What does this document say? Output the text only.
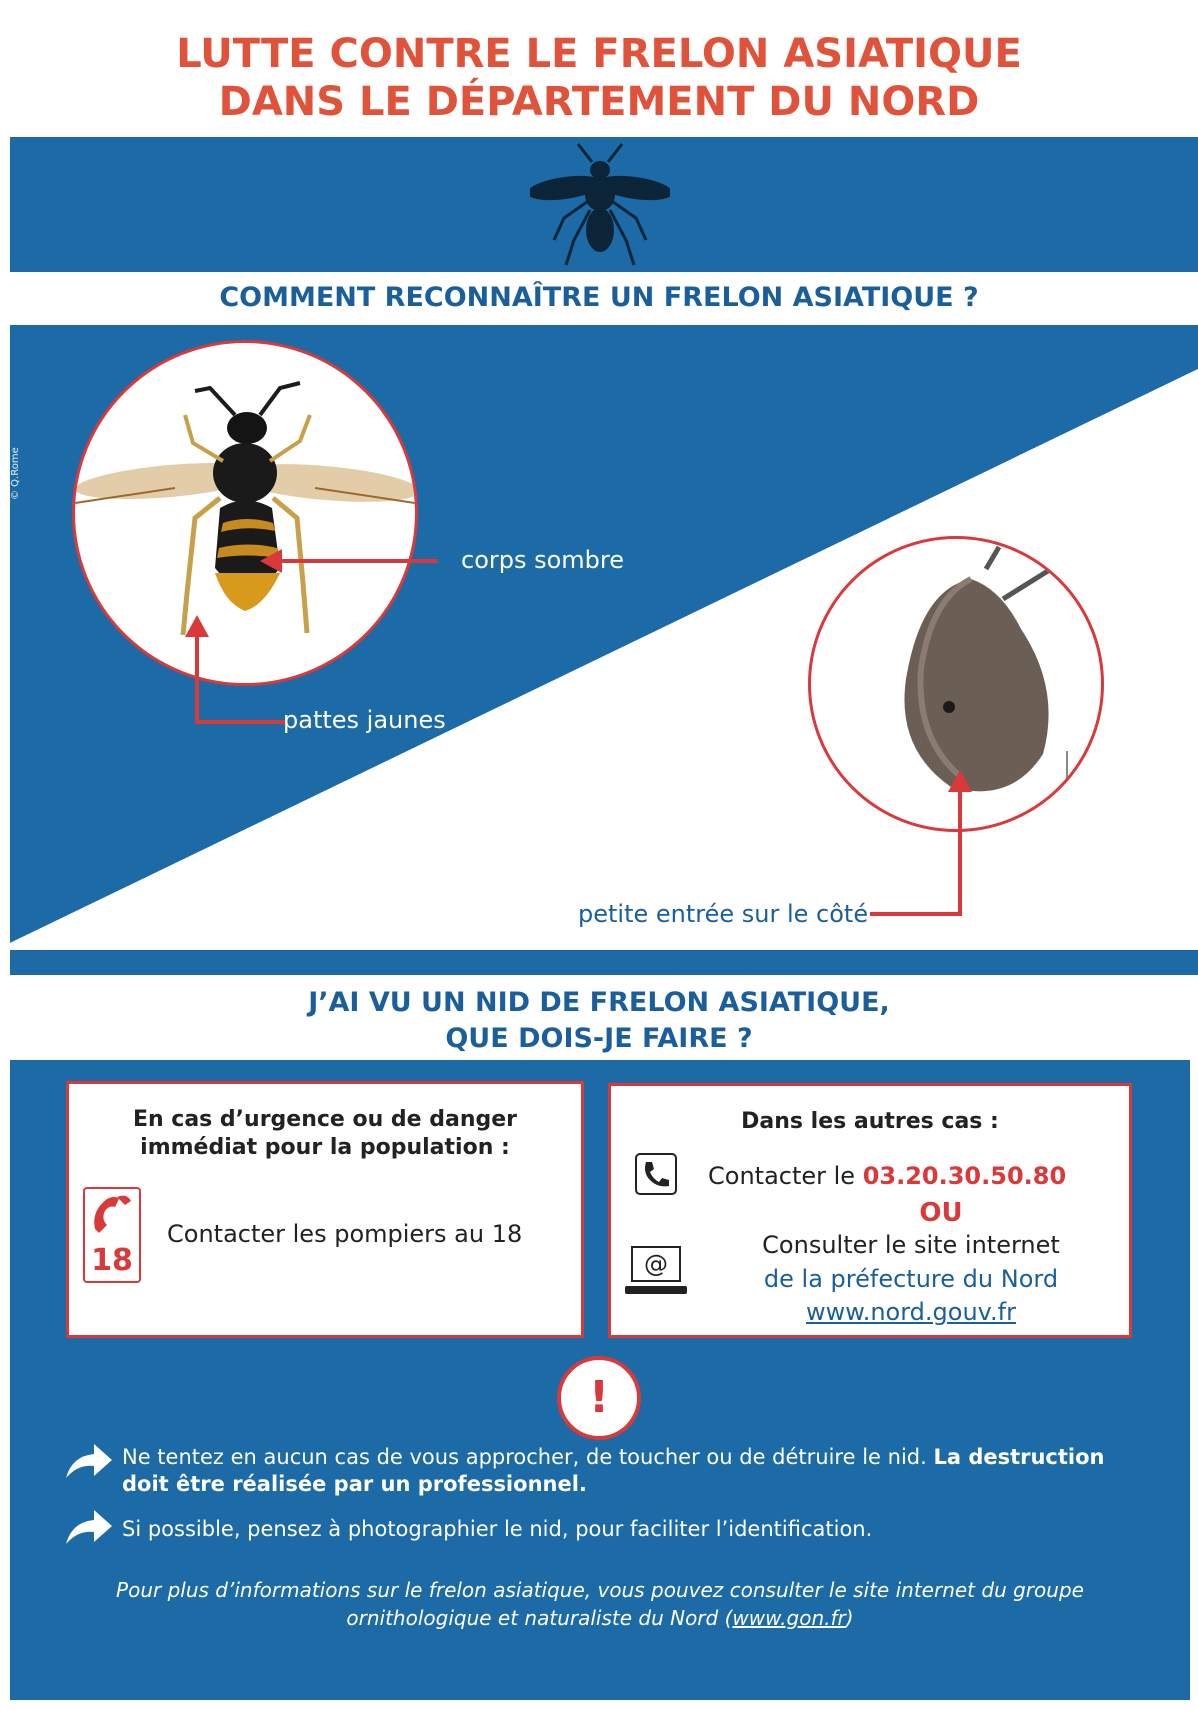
LUTTE CONTRE LE FRELON ASIATIQUE
DANS LE DÉPARTEMENT DU NORD
COMMENT RECONNAÎTRE UN FRELON ASIATIQUE ?
© Q.Rome
corps sombre
pattes jaunes
petite entrée sur le côté
J’AI VU UN NID DE FRELON ASIATIQUE,
QUE DOIS-JE FAIRE ?
En cas d’urgence ou de danger
immédiat pour la population :
18
Contacter les pompiers au 18
Dans les autres cas :
Contacter le 03.20.30.50.80
OU
@
Consulter le site internet
de la préfecture du Nord
www.nord.gouv.fr
!
Ne tentez en aucun cas de vous approcher, de toucher ou de détruire le nid. La destruction doit être réalisée par un professionnel.
Si possible, pensez à photographier le nid, pour faciliter l’identification.
Pour plus d’informations sur le frelon asiatique, vous pouvez consulter le site internet du groupe
ornithologique et naturaliste du Nord (www.gon.fr)
